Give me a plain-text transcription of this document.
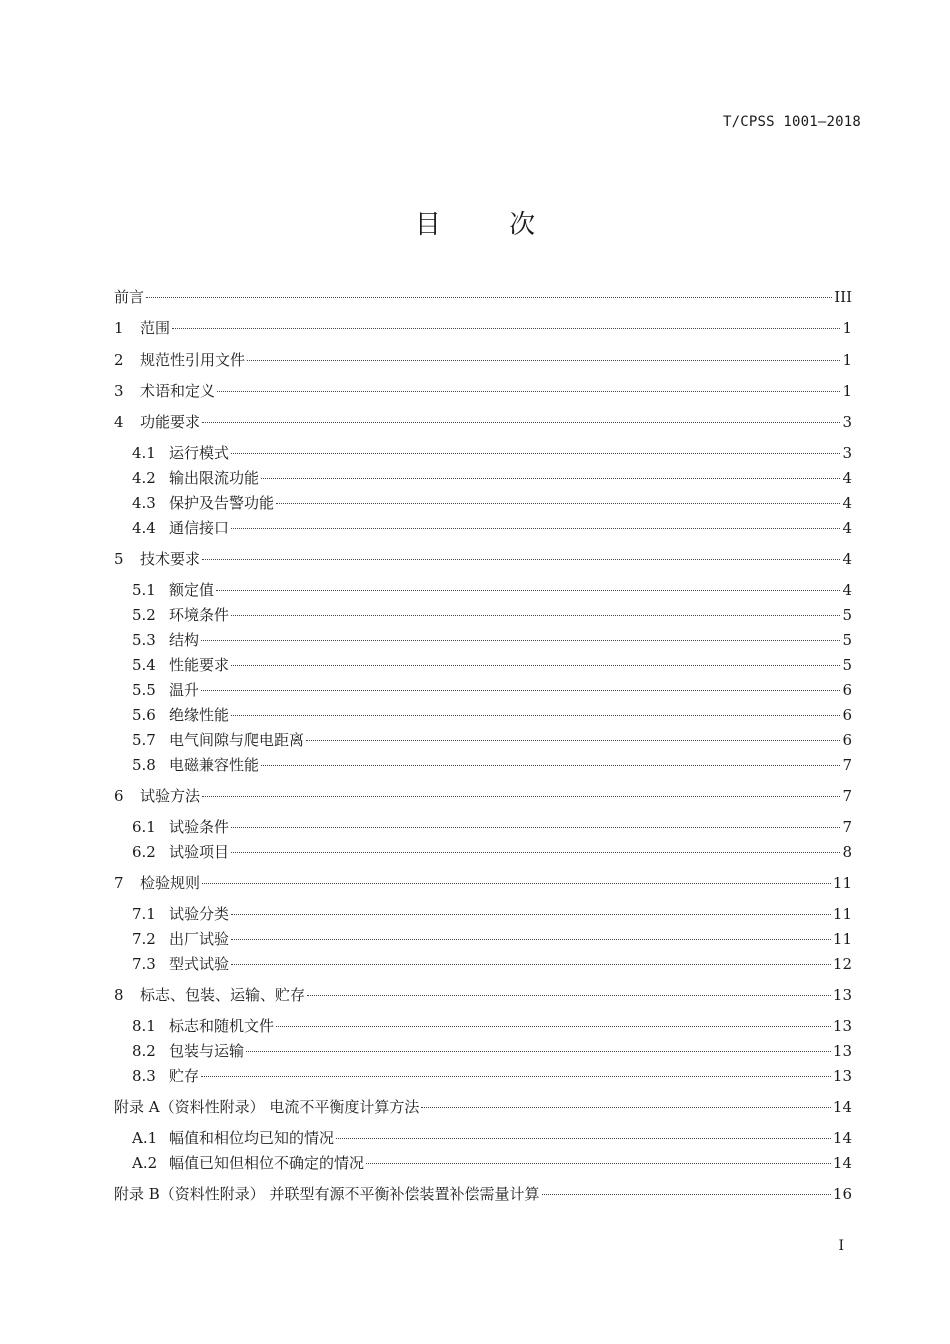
T/CPSS 1001—2018
目 次
前言	III
1	范围	1
2	规范性引用文件	1
3	术语和定义	1
4	功能要求	3
4.1 运行模式	3
4.2 输出限流功能	4
4.3 保护及告警功能	4
4.4 通信接口	4
5	技术要求	4
5.1 额定值	4
5.2 环境条件	5
5.3 结构	5
5.4 性能要求	5
5.5 温升	6
5.6 绝缘性能	6
5.7 电气间隙与爬电距离	6
5.8 电磁兼容性能	7
6	试验方法	7
6.1 试验条件	7
6.2 试验项目	8
7	检验规则	11
7.1 试验分类	11
7.2 出厂试验	11
7.3 型式试验	12
8	标志、包装、运输、贮存	13
8.1 标志和随机文件	13
8.2 包装与运输	13
8.3 贮存	13
附录 A（资料性附录） 电流不平衡度计算方法	14
A.1 幅值和相位均已知的情况	14
A.2 幅值已知但相位不确定的情况	14
附录 B（资料性附录） 并联型有源不平衡补偿装置补偿需量计算	16
I
